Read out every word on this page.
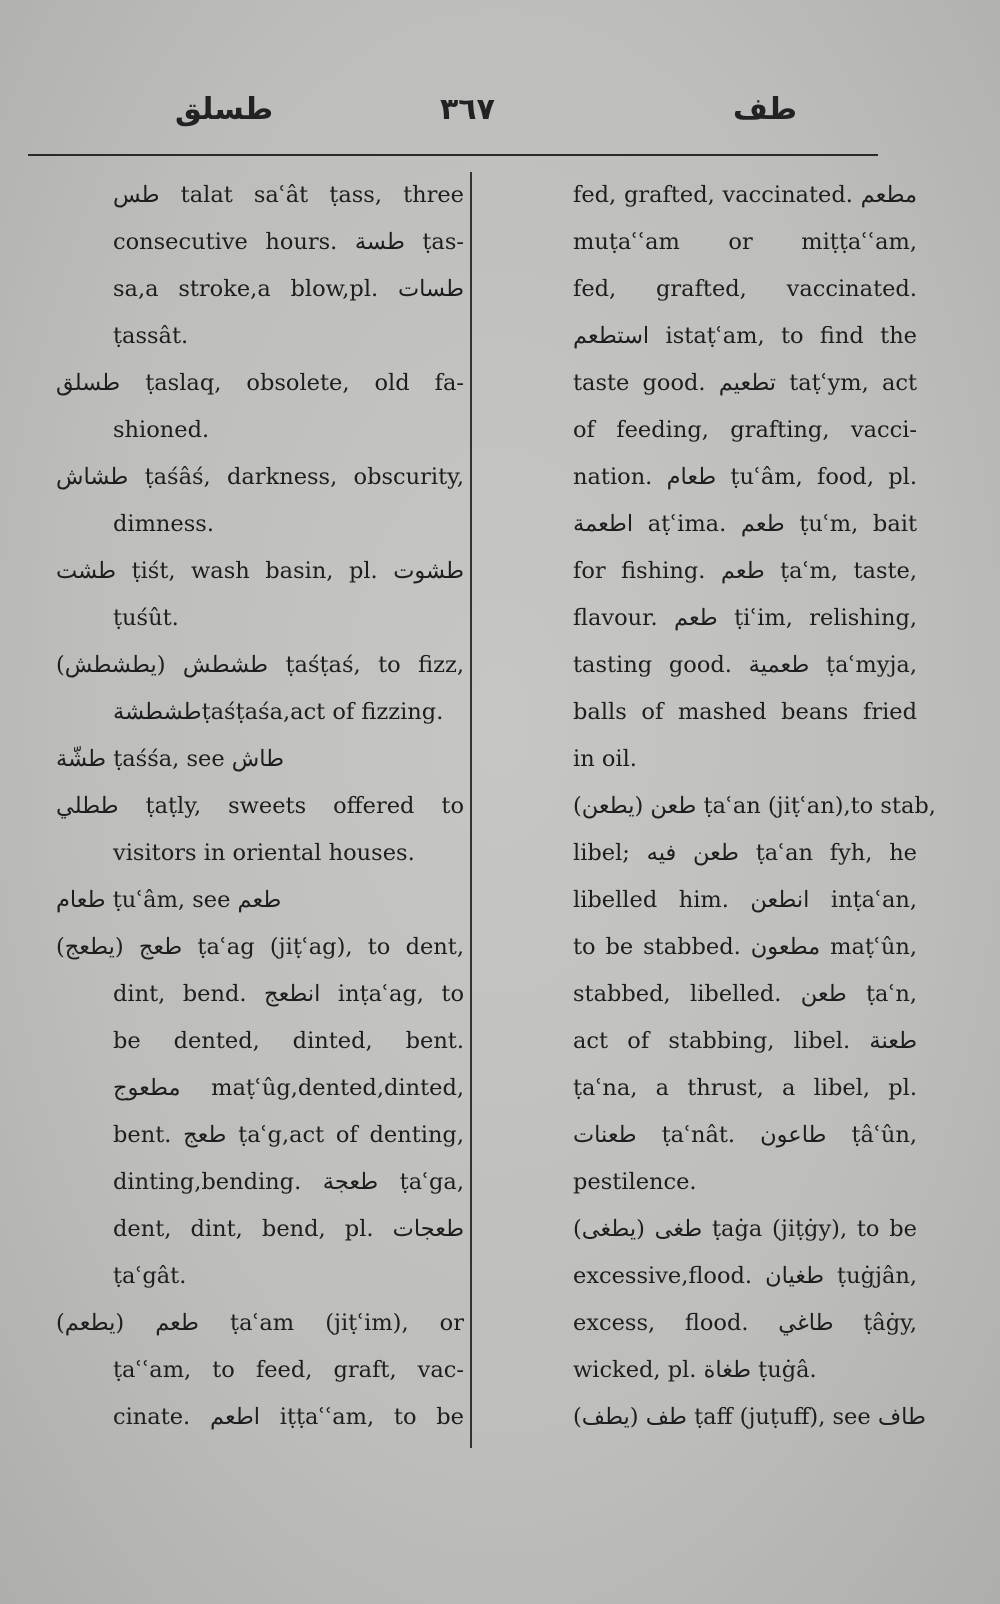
طسلق	٣٦٧	طف
طس talat saʿât ṭass, three
consecutive hours. طسة ṭas-
sa,a stroke,a blow,pl. طسات
ṭassât.
طسلق ṭaslaq, obsolete, old fa-
shioned.
طشاش ṭaśâś, darkness, obscurity,
dimness.
طشت ṭiśt, wash basin, pl. طشوت
ṭuśût.
طشطش (يطشطش) ṭaśṭaś, to fizz,
طشطشةṭaśṭaśa,act of fizzing.
طشّة ṭaśśa, see طاش
ططلي ṭaṭly, sweets offered to
visitors in oriental houses.
طعام ṭuʿâm, see طعم
طعج (يطعج) ṭaʿag (jiṭʿag), to dent,
dint, bend. انطعج inṭaʿag, to
be dented, dinted, bent.
مطعوج maṭʿûg,dented,dinted,
bent. طعج ṭaʿg,act of denting,
dinting,bending. طعجة ṭaʿga,
dent, dint, bend, pl. طعجات
ṭaʿgât.
طعم (يطعم) ṭaʿam (jiṭʿim), or
ṭaʿʿam, to feed, graft, vac-
cinate. اطعم iṭṭaʿʿam, to be
fed, grafted, vaccinated. مطعم
muṭaʿʿam or miṭṭaʿʿam,
fed, grafted, vaccinated.
استطعم istaṭʿam, to find the
taste good. تطعيم taṭʿym, act
of feeding, grafting, vacci-
nation. طعام ṭuʿâm, food, pl.
اطعمة aṭʿima. طعم ṭuʿm, bait
for fishing. طعم ṭaʿm, taste,
flavour. طعم ṭiʿim, relishing,
tasting good. طعمية ṭaʿmyja,
balls of mashed beans fried
in oil.
طعن (يطعن) ṭaʿan (jiṭʿan),to stab,
libel; طعن فيه ṭaʿan fyh, he
libelled him. انطعن inṭaʿan,
to be stabbed. مطعون maṭʿûn,
stabbed, libelled. طعن ṭaʿn,
act of stabbing, libel. طعنة
ṭaʿna, a thrust, a libel, pl.
طعنات ṭaʿnât. طاعون ṭâʿûn,
pestilence.
طغى (يطغى) ṭaġa (jiṭġy), to be
excessive,flood. طغيان ṭuġjân,
excess, flood. طاغي ṭâġy,
wicked, pl. طغاة ṭuġâ.
طف (يطف) ṭaff (juṭuff), see طاف
